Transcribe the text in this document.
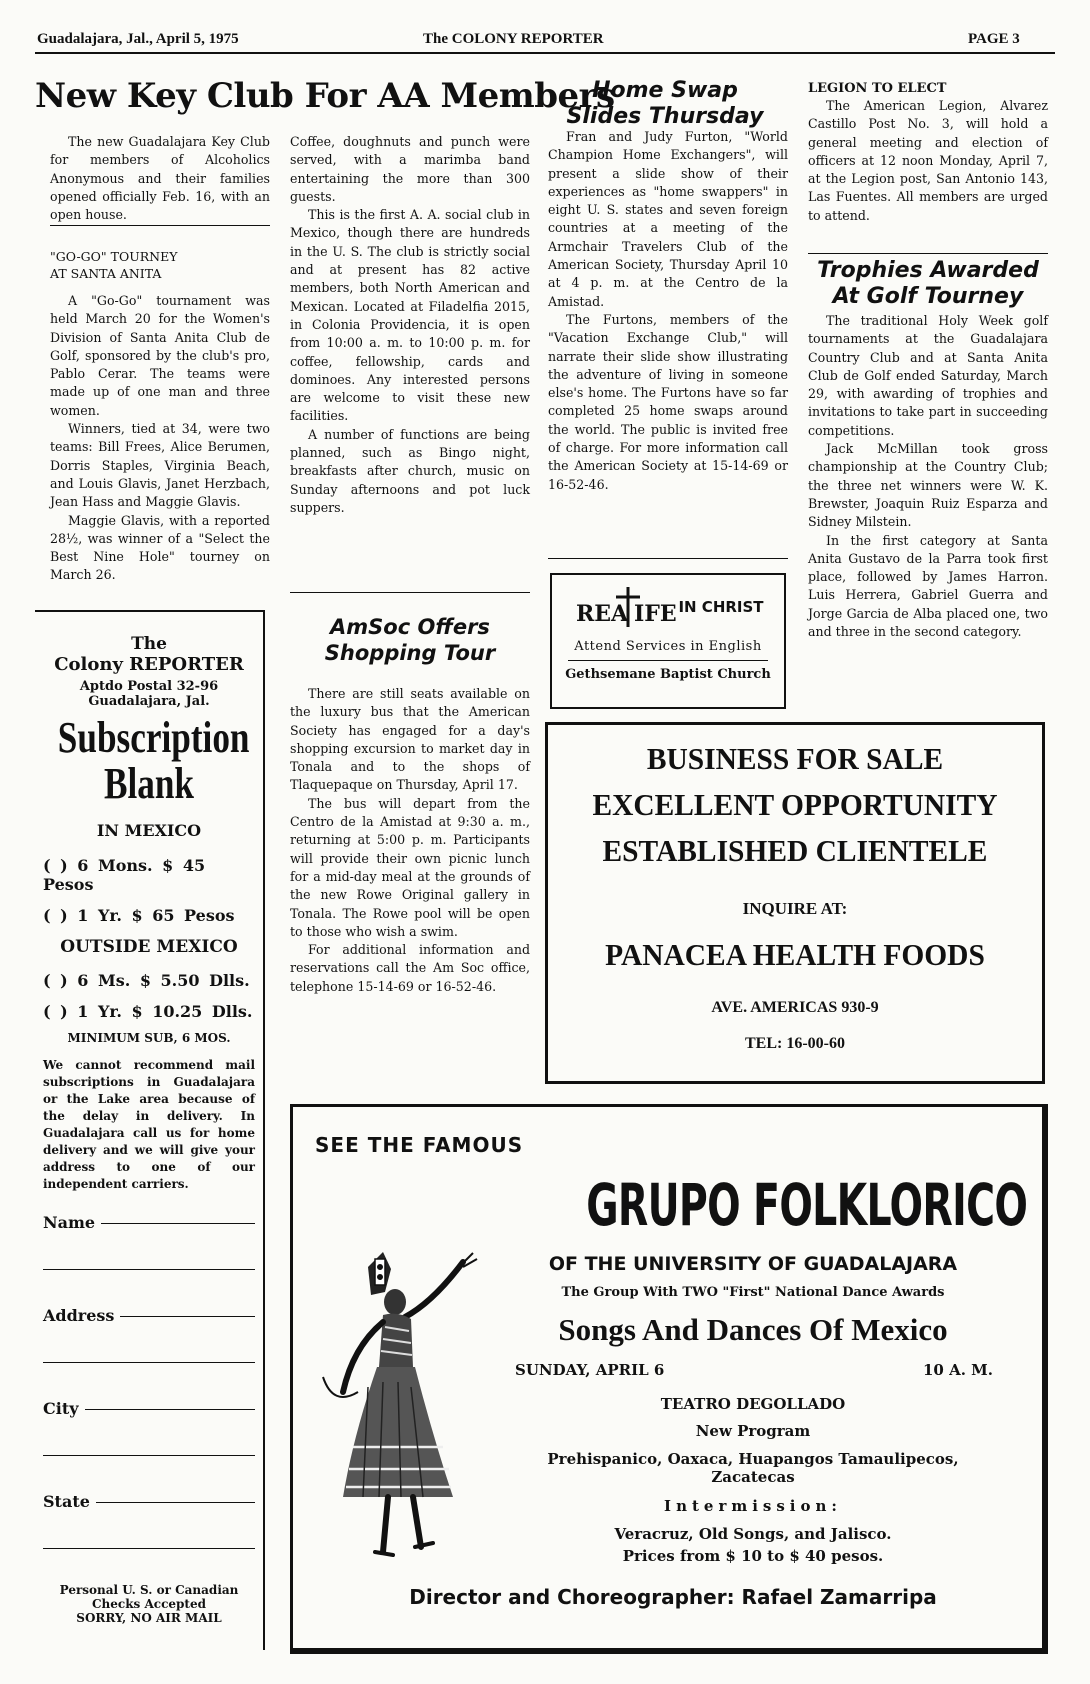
Guadalajara, Jal., April 5, 1975	The COLONY REPORTER	PAGE 3
New Key Club For AA Members

The new Guadalajara Key Club for members of Alcoholics Anonymous and their families opened officially Feb. 16, with an open house.

"GO-GO" TOURNEY
AT SANTA ANITA

A "Go-Go" tournament was held March 20 for the Women's Division of Santa Anita Club de Golf, sponsored by the club's pro, Pablo Cerar. The teams were made up of one man and three women.

Winners, tied at 34, were two teams: Bill Frees, Alice Berumen, Dorris Staples, Virginia Beach, and Louis Glavis, Janet Herzbach, Jean Hass and Maggie Glavis.

Maggie Glavis, with a reported 28½, was winner of a "Select the Best Nine Hole" tourney on March 26.

The
Colony REPORTER
Aptdo Postal 32-96
Guadalajara, Jal.
Subscription
Blank
IN MEXICO
( ) 6 Mons. $ 45 Pesos
( ) 1 Yr. $ 65 Pesos
OUTSIDE MEXICO
( ) 6 Ms. $ 5.50 Dlls.
( ) 1 Yr. $ 10.25 Dlls.
MINIMUM SUB, 6 MOS.
We cannot recommend mail subscriptions in Guadalajara or the Lake area because of the delay in delivery. In Guadalajara call us for home delivery and we will give your address to one of our independent carriers.
Name
Address
City
State
Personal U. S. or Canadian
Checks Accepted
SORRY, NO AIR MAIL

Coffee, doughnuts and punch were served, with a marimba band entertaining the more than 300 guests.

This is the first A. A. social club in Mexico, though there are hundreds in the U. S. The club is strictly social and at present has 82 active members, both North American and Mexican. Located at Filadelfia 2015, in Colonia Providencia, it is open from 10:00 a. m. to 10:00 p. m. for coffee, fellowship, cards and dominoes. Any interested persons are welcome to visit these new facilities.

A number of functions are being planned, such as Bingo night, breakfasts after church, music on Sunday afternoons and pot luck suppers.

AmSoc Offers
Shopping Tour

There are still seats available on the luxury bus that the American Society has engaged for a day's shopping excursion to market day in Tonala and to the shops of Tlaquepaque on Thursday, April 17.

The bus will depart from the Centro de la Amistad at 9:30 a. m., returning at 5:00 p. m. Participants will provide their own picnic lunch for a mid-day meal at the grounds of the new Rowe Original gallery in Tonala. The Rowe pool will be open to those who wish a swim.

For additional information and reservations call the Am Soc office, telephone 15-14-69 or 16-52-46.

Home Swap
Slides Thursday

Fran and Judy Furton, "World Champion Home Exchangers", will present a slide show of their experiences as "home swappers" in eight U. S. states and seven foreign countries at a meeting of the Armchair Travelers Club of the American Society, Thursday April 10 at 4 p. m. at the Centro de la Amistad.

The Furtons, members of the "Vacation Exchange Club," will narrate their slide show illustrating the adventure of living in someone else's home. The Furtons have so far completed 25 home swaps around the world. The public is invited free of charge. For more information call the American Society at 15-14-69 or 16-52-46.

REA IFE IN CHRIST
Attend Services in English
Gethsemane Baptist Church
LEGION TO ELECT

The American Legion, Alvarez Castillo Post No. 3, will hold a general meeting and election of officers at 12 noon Monday, April 7, at the Legion post, San Antonio 143, Las Fuentes. All members are urged to attend.

Trophies Awarded
At Golf Tourney

The traditional Holy Week golf tournaments at the Guadalajara Country Club and at Santa Anita Club de Golf ended Saturday, March 29, with awarding of trophies and invitations to take part in succeeding competitions.

Jack McMillan took gross championship at the Country Club; the three net winners were W. K. Brewster, Joaquin Ruiz Esparza and Sidney Milstein.

In the first category at Santa Anita Gustavo de la Parra took first place, followed by James Harron. Luis Herrera, Gabriel Guerra and Jorge Garcia de Alba placed one, two and three in the second category.

BUSINESS FOR SALE
EXCELLENT OPPORTUNITY
ESTABLISHED CLIENTELE
INQUIRE AT:
PANACEA HEALTH FOODS
AVE. AMERICAS 930-9
TEL: 16-00-60
SEE THE FAMOUS
GRUPO FOLKLORICO
OF THE UNIVERSITY OF GUADALAJARA
The Group With TWO "First" National Dance Awards
Songs And Dances Of Mexico
SUNDAY, APRIL 6	10 A. M.
TEATRO DEGOLLADO
New Program
Prehispanico, Oaxaca, Huapangos Tamaulipecos,
Zacatecas
Intermission:
Veracruz, Old Songs, and Jalisco.
Prices from $ 10 to $ 40 pesos.
Director and Choreographer: Rafael Zamarripa
